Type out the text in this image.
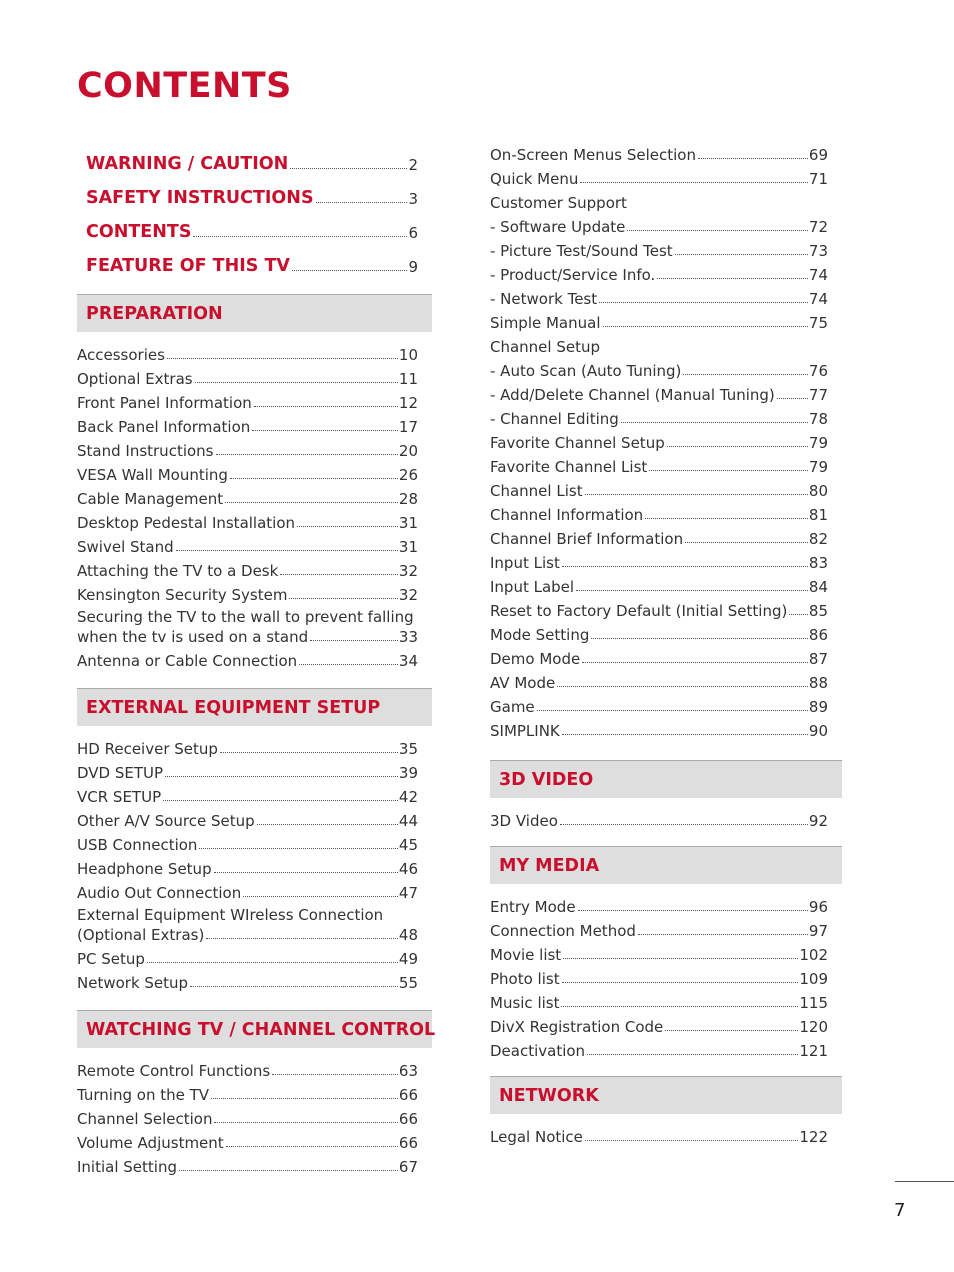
CONTENTS
WARNING / CAUTION	2
SAFETY INSTRUCTIONS	3
CONTENTS	6
FEATURE OF THIS TV	9
PREPARATION
Accessories	10
Optional Extras	11
Front Panel Information	12
Back Panel Information	17
Stand Instructions	20
VESA Wall Mounting	26
Cable Management	28
Desktop Pedestal Installation	31
Swivel Stand	31
Attaching the TV to a Desk	32
Kensington Security System	32
Securing the TV to the wall to prevent falling
when the tv is used on a stand	33
Antenna or Cable Connection	34
EXTERNAL EQUIPMENT SETUP
HD Receiver Setup	35
DVD SETUP	39
VCR SETUP	42
Other A/V Source Setup	44
USB Connection	45
Headphone Setup	46
Audio Out Connection	47
External Equipment WIreless Connection
(Optional Extras)	48
PC Setup	49
Network Setup	55
WATCHING TV / CHANNEL CONTROL
Remote Control Functions	63
Turning on the TV	66
Channel Selection	66
Volume Adjustment	66
Initial Setting	67
On-Screen Menus Selection	69
Quick Menu	71
Customer Support
- Software Update	72
- Picture Test/Sound Test	73
- Product/Service Info.	74
- Network Test	74
Simple Manual	75
Channel Setup
- Auto Scan (Auto Tuning)	76
- Add/Delete Channel (Manual Tuning) 77
- Channel Editing	78
Favorite Channel Setup	79
Favorite Channel List	79
Channel List	80
Channel Information	81
Channel Brief Information	82
Input List	83
Input Label	84
Reset to Factory Default (Initial Setting) 85
Mode Setting	86
Demo Mode	87
AV Mode	88
Game	89
SIMPLINK	90
3D VIDEO
3D Video	92
MY MEDIA
Entry Mode	96
Connection Method	97
Movie list	102
Photo list	109
Music list	115
DivX Registration Code	120
Deactivation	121
NETWORK
Legal Notice	122
7
